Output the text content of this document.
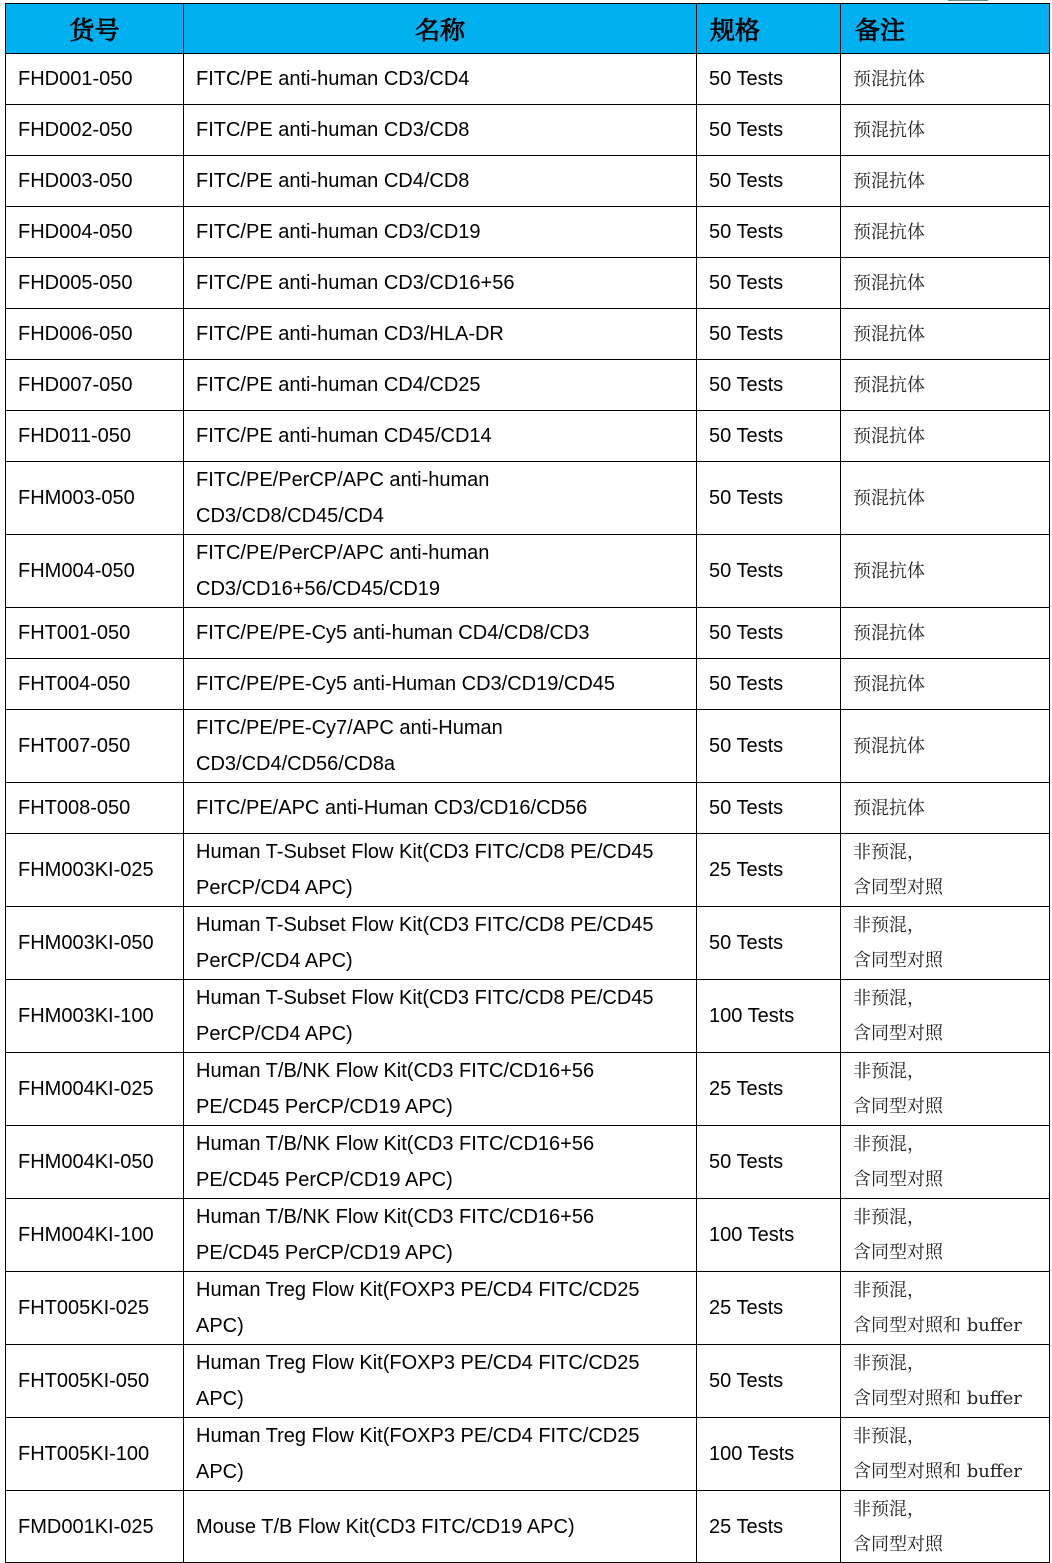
货号	名称	规格	备注
FHD001-050	FITC/PE anti-human CD3/CD4	50 Tests	预混抗体

FHD002-050	FITC/PE anti-human CD3/CD8	50 Tests	预混抗体

FHD003-050	FITC/PE anti-human CD4/CD8	50 Tests	预混抗体

FHD004-050	FITC/PE anti-human CD3/CD19	50 Tests	预混抗体

FHD005-050	FITC/PE anti-human CD3/CD16+56	50 Tests	预混抗体

FHD006-050	FITC/PE anti-human CD3/HLA-DR	50 Tests	预混抗体

FHD007-050	FITC/PE anti-human CD4/CD25	50 Tests	预混抗体

FHD011-050	FITC/PE anti-human CD45/CD14	50 Tests	预混抗体

FHM003-050	FITC/PE/PerCP/APC anti-human
CD3/CD8/CD45/CD4	50 Tests	预混抗体

FHM004-050	FITC/PE/PerCP/APC anti-human
CD3/CD16+56/CD45/CD19	50 Tests	预混抗体

FHT001-050	FITC/PE/PE-Cy5 anti-human CD4/CD8/CD3	50 Tests	预混抗体

FHT004-050	FITC/PE/PE-Cy5 anti-Human CD3/CD19/CD45	50 Tests	预混抗体

FHT007-050	FITC/PE/PE-Cy7/APC anti-Human
CD3/CD4/CD56/CD8a	50 Tests	预混抗体

FHT008-050	FITC/PE/APC anti-Human CD3/CD16/CD56	50 Tests	预混抗体

FHM003KI-025	Human T-Subset Flow Kit(CD3 FITC/CD8 PE/CD45
PerCP/CD4 APC)	25 Tests	非预混，
含同型对照

FHM003KI-050	Human T-Subset Flow Kit(CD3 FITC/CD8 PE/CD45
PerCP/CD4 APC)	50 Tests	非预混，
含同型对照

FHM003KI-100	Human T-Subset Flow Kit(CD3 FITC/CD8 PE/CD45
PerCP/CD4 APC)	100 Tests	非预混，
含同型对照

FHM004KI-025	Human T/B/NK Flow Kit(CD3 FITC/CD16+56
PE/CD45 PerCP/CD19 APC)	25 Tests	非预混，
含同型对照

FHM004KI-050	Human T/B/NK Flow Kit(CD3 FITC/CD16+56
PE/CD45 PerCP/CD19 APC)	50 Tests	非预混，
含同型对照

FHM004KI-100	Human T/B/NK Flow Kit(CD3 FITC/CD16+56
PE/CD45 PerCP/CD19 APC)	100 Tests	非预混，
含同型对照

FHT005KI-025	Human Treg Flow Kit(FOXP3 PE/CD4 FITC/CD25
APC)	25 Tests	非预混，
含同型对照和 buffer

FHT005KI-050	Human Treg Flow Kit(FOXP3 PE/CD4 FITC/CD25
APC)	50 Tests	非预混，
含同型对照和 buffer

FHT005KI-100	Human Treg Flow Kit(FOXP3 PE/CD4 FITC/CD25
APC)	100 Tests	非预混，
含同型对照和 buffer

FMD001KI-025	Mouse T/B Flow Kit(CD3 FITC/CD19 APC)	25 Tests	非预混，
含同型对照
